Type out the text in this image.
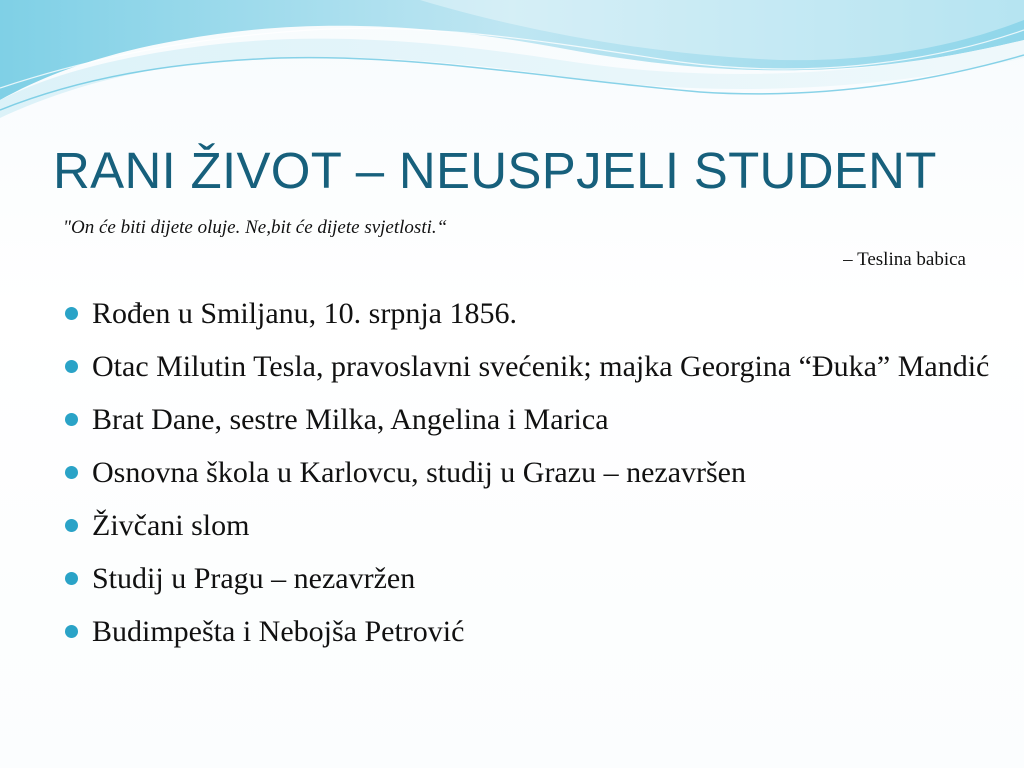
RANI ŽIVOT – NEUSPJELI STUDENT

"On će biti dijete oluje. Ne,bit će dijete svjetlosti.“

– Teslina babica

Rođen u Smiljanu, 10. srpnja 1856.
Otac Milutin Tesla, pravoslavni svećenik; majka Georgina “Đuka” Mandić
Brat Dane, sestre Milka, Angelina i Marica
Osnovna škola u Karlovcu, studij u Grazu – nezavršen
Živčani slom
Studij u Pragu – nezavržen
Budimpešta i Nebojša Petrović
